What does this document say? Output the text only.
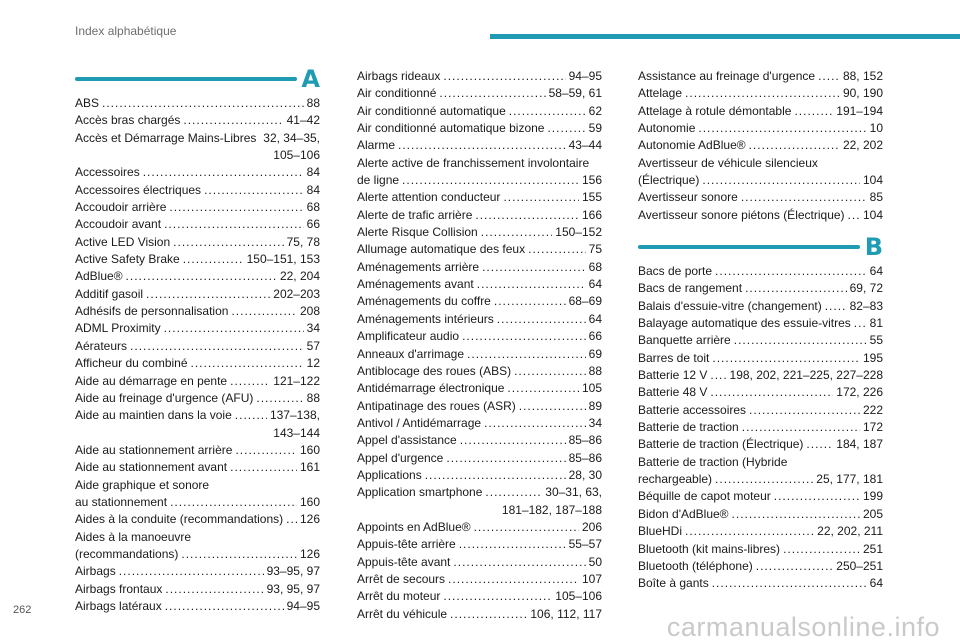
Index alphabétique
A
ABS .....	88
Accès bras chargés .....	41–42
Accès et Démarrage Mains-Libres ..... 32, 34–35,
105–106
Accessoires .....	84
Accessoires électriques .....	84
Accoudoir arrière .....	68
Accoudoir avant .....	66
Active LED Vision .....	75, 78
Active Safety Brake .....	150–151, 153
AdBlue® .....	22, 204
Additif gasoil .....	202–203
Adhésifs de personnalisation .....	208
ADML Proximity .....	34
Aérateurs .....	57
Afficheur du combiné .....	12
Aide au démarrage en pente .....	121–122
Aide au freinage d'urgence (AFU) .....	88
Aide au maintien dans la voie .....	137–138,
143–144
Aide au stationnement arrière .....	160
Aide au stationnement avant .....	161
Aide graphique et sonore
au stationnement .....	160
Aides à la conduite (recommandations) ..... 126
Aides à la manoeuvre
(recommandations) .....	126
Airbags .....	93–95, 97
Airbags frontaux .....	93, 95, 97
Airbags latéraux .....	94–95
Airbags rideaux .....	94–95
Air conditionné .....	58–59, 61
Air conditionné automatique .....	62
Air conditionné automatique bizone .....	59
Alarme .....	43–44
Alerte active de franchissement involontaire
de ligne .....	156
Alerte attention conducteur .....	155
Alerte de trafic arrière .....	166
Alerte Risque Collision .....	150–152
Allumage automatique des feux .....	75
Aménagements arrière .....	68
Aménagements avant .....	64
Aménagements du coffre .....	68–69
Aménagements intérieurs .....	64
Amplificateur audio .....	66
Anneaux d'arrimage .....	69
Antiblocage des roues (ABS) .....	88
Antidémarrage électronique .....	105
Antipatinage des roues (ASR) .....	89
Antivol / Antidémarrage .....	34
Appel d'assistance .....	85–86
Appel d'urgence .....	85–86
Applications .....	28, 30
Application smartphone .....	30–31, 63,
181–182, 187–188
Appoints en AdBlue® .....	206
Appuis-tête arrière .....	55–57
Appuis-tête avant .....	50
Arrêt de secours .....	107
Arrêt du moteur .....	105–106
Arrêt du véhicule .....	106, 112, 117
Assistance au freinage d'urgence ..... 88, 152
Attelage .....	90, 190
Attelage à rotule démontable .....	191–194
Autonomie .....	10
Autonomie AdBlue® .....	22, 202
Avertisseur de véhicule silencieux
(Électrique) .....	104
Avertisseur sonore .....	85
Avertisseur sonore piétons (Électrique) ..... 104
B
Bacs de porte .....	64
Bacs de rangement .....	69, 72
Balais d'essuie-vitre (changement) ..... 82–83
Balayage automatique des essuie-vitres ..... 81
Banquette arrière .....	55
Barres de toit .....	195
Batterie 12 V ..... 198, 202, 221–225, 227–228
Batterie 48 V .....	172, 226
Batterie accessoires .....	222
Batterie de traction .....	172
Batterie de traction (Électrique) .....	184, 187
Batterie de traction (Hybride
rechargeable) .....	25, 177, 181
Béquille de capot moteur .....	199
Bidon d'AdBlue® .....	205
BlueHDi .....	22, 202, 211
Bluetooth (kit mains-libres) .....	251
Bluetooth (téléphone) .....	250–251
Boîte à gants .....	64
262
carmanualsonline.info
